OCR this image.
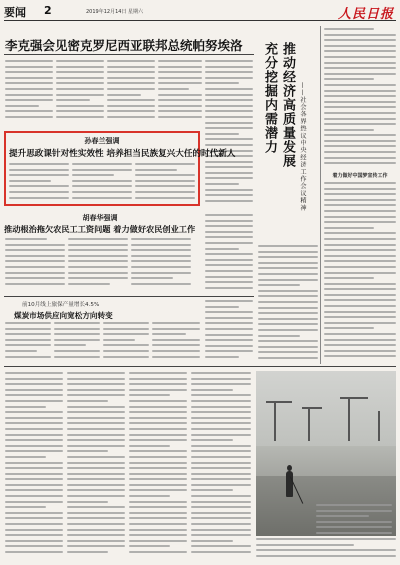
要闻 2	2019年12月14日 星期六	人民日报
李克强会见密克罗尼西亚联邦总统帕努埃洛
孙春兰强调
提升思政课针对性实效性 培养担当民族复兴大任的时代新人
胡春华强调
推动根治拖欠农民工工资问题 着力做好农民创业工作
前10月线上旅保产量增长4.5%
煤炭市场供应向宽松方向转变
充分挖掘内需潜力 推动经济高质量发展 ——社会各界热议中央经济工作会议精神	着力做好中国梦宣传工作
